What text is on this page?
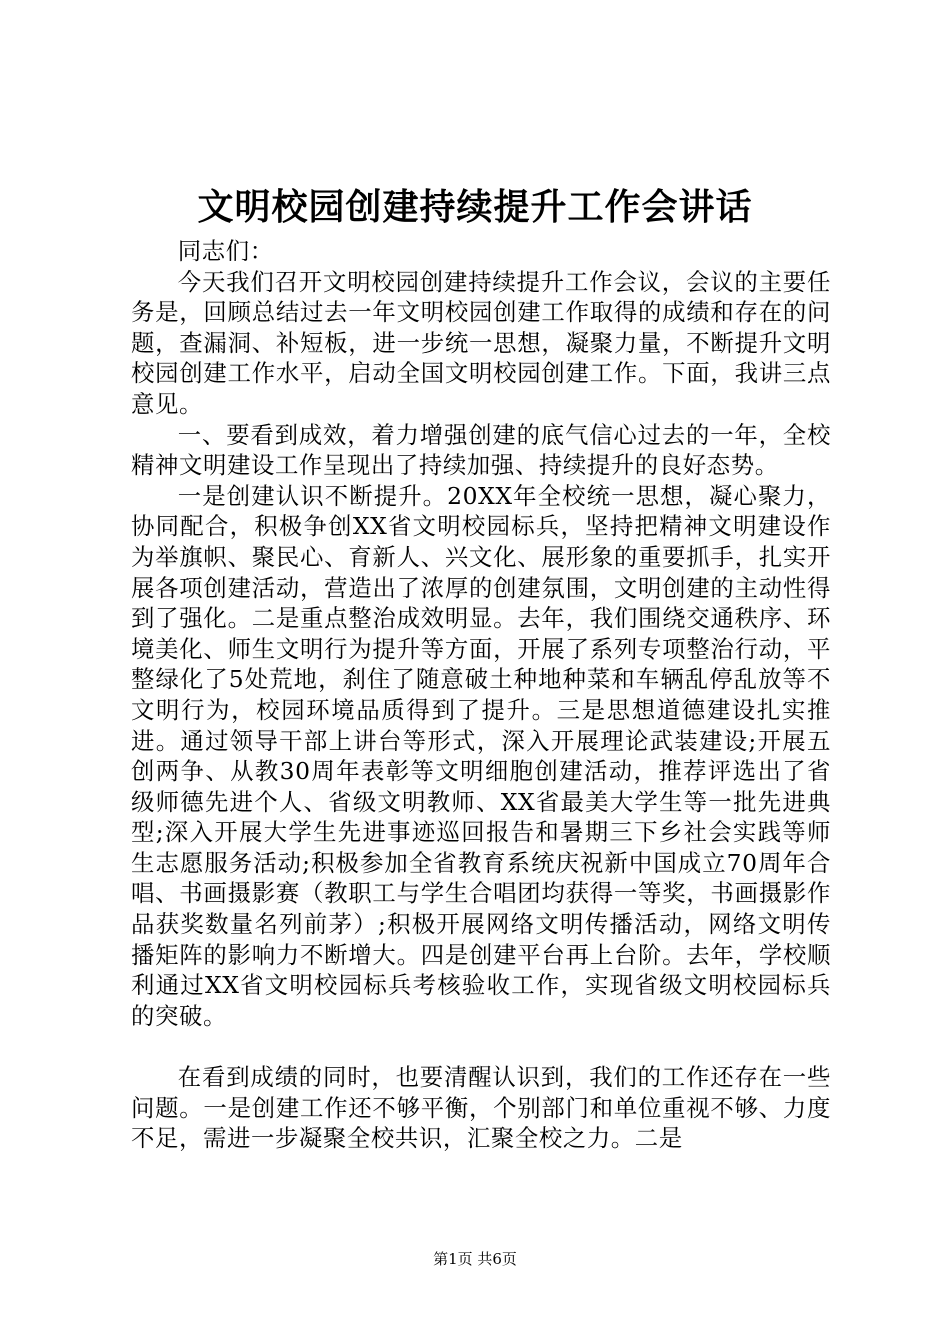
文明校园创建持续提升工作会讲话

同志们：

今天我们召开文明校园创建持续提升工作会议，会议的主要任务是，回顾总结过去一年文明校园创建工作取得的成绩和存在的问题，查漏洞、补短板，进一步统一思想，凝聚力量，不断提升文明校园创建工作水平，启动全国文明校园创建工作。下面，我讲三点意见。

一、要看到成效，着力增强创建的底气信心过去的一年，全校精神文明建设工作呈现出了持续加强、持续提升的良好态势。

一是创建认识不断提升。20XX年全校统一思想，凝心聚力，协同配合，积极争创XX省文明校园标兵，坚持把精神文明建设作为举旗帜、聚民心、育新人、兴文化、展形象的重要抓手，扎实开展各项创建活动，营造出了浓厚的创建氛围，文明创建的主动性得到了强化。二是重点整治成效明显。去年，我们围绕交通秩序、环境美化、师生文明行为提升等方面，开展了系列专项整治行动，平整绿化了5处荒地，刹住了随意破土种地种菜和车辆乱停乱放等不文明行为，校园环境品质得到了提升。三是思想道德建设扎实推进。通过领导干部上讲台等形式，深入开展理论武装建设;开展五创两争、从教30周年表彰等文明细胞创建活动，推荐评选出了省级师德先进个人、省级文明教师、XX省最美大学生等一批先进典型;深入开展大学生先进事迹巡回报告和暑期三下乡社会实践等师生志愿服务活动;积极参加全省教育系统庆祝新中国成立70周年合唱、书画摄影赛（教职工与学生合唱团均获得一等奖，书画摄影作品获奖数量名列前茅）;积极开展网络文明传播活动，网络文明传播矩阵的影响力不断增大。四是创建平台再上台阶。去年，学校顺利通过XX省文明校园标兵考核验收工作，实现省级文明校园标兵的突破。

在看到成绩的同时，也要清醒认识到，我们的工作还存在一些问题。一是创建工作还不够平衡，个别部门和单位重视不够、力度不足，需进一步凝聚全校共识，汇聚全校之力。二是

第1页 共6页
